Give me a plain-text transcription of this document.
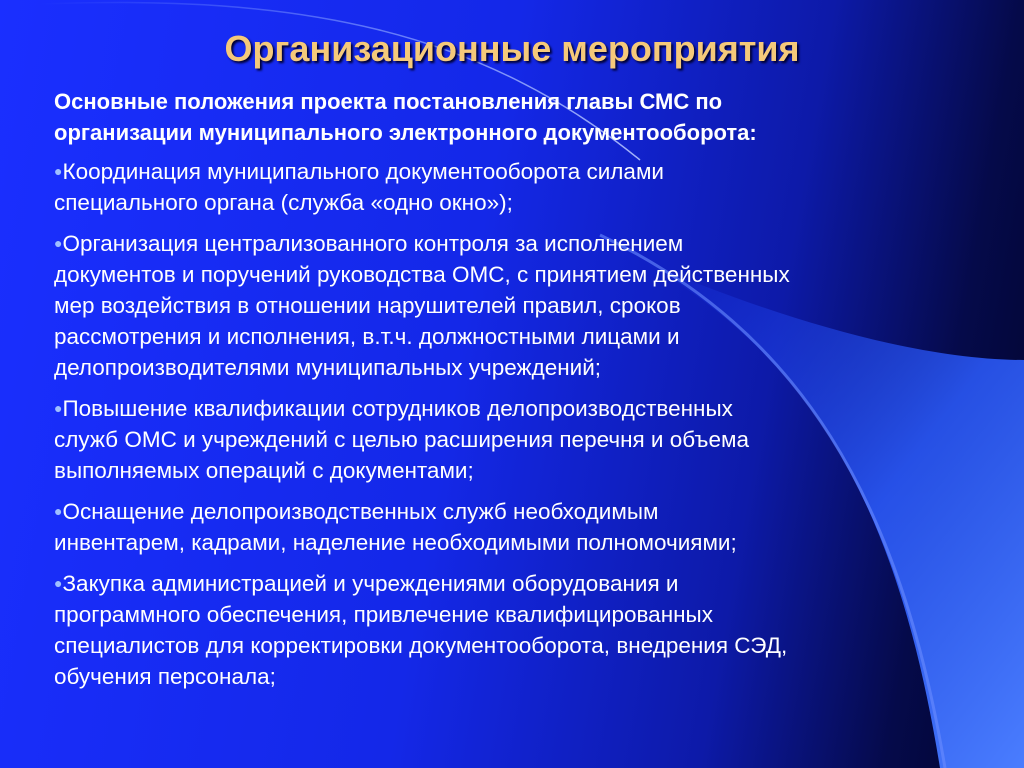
Организационные мероприятия
Основные положения проекта постановления главы СМС по
организации муниципального электронного документооборота:
●Координация муниципального документооборота силами
специального органа (служба «одно окно»);
●Организация централизованного контроля за исполнением
документов и поручений руководства ОМС, с принятием действенных
мер воздействия в отношении нарушителей правил, сроков
рассмотрения и исполнения, в.т.ч. должностными лицами и
делопроизводителями муниципальных учреждений;
●Повышение квалификации сотрудников делопроизводственных
служб ОМС и учреждений с целью расширения перечня и объема
выполняемых операций с документами;
●Оснащение делопроизводственных служб необходимым
инвентарем, кадрами, наделение необходимыми полномочиями;
●Закупка администрацией и учреждениями оборудования и
программного обеспечения, привлечение квалифицированных
специалистов для корректировки документооборота, внедрения СЭД,
обучения персонала;
